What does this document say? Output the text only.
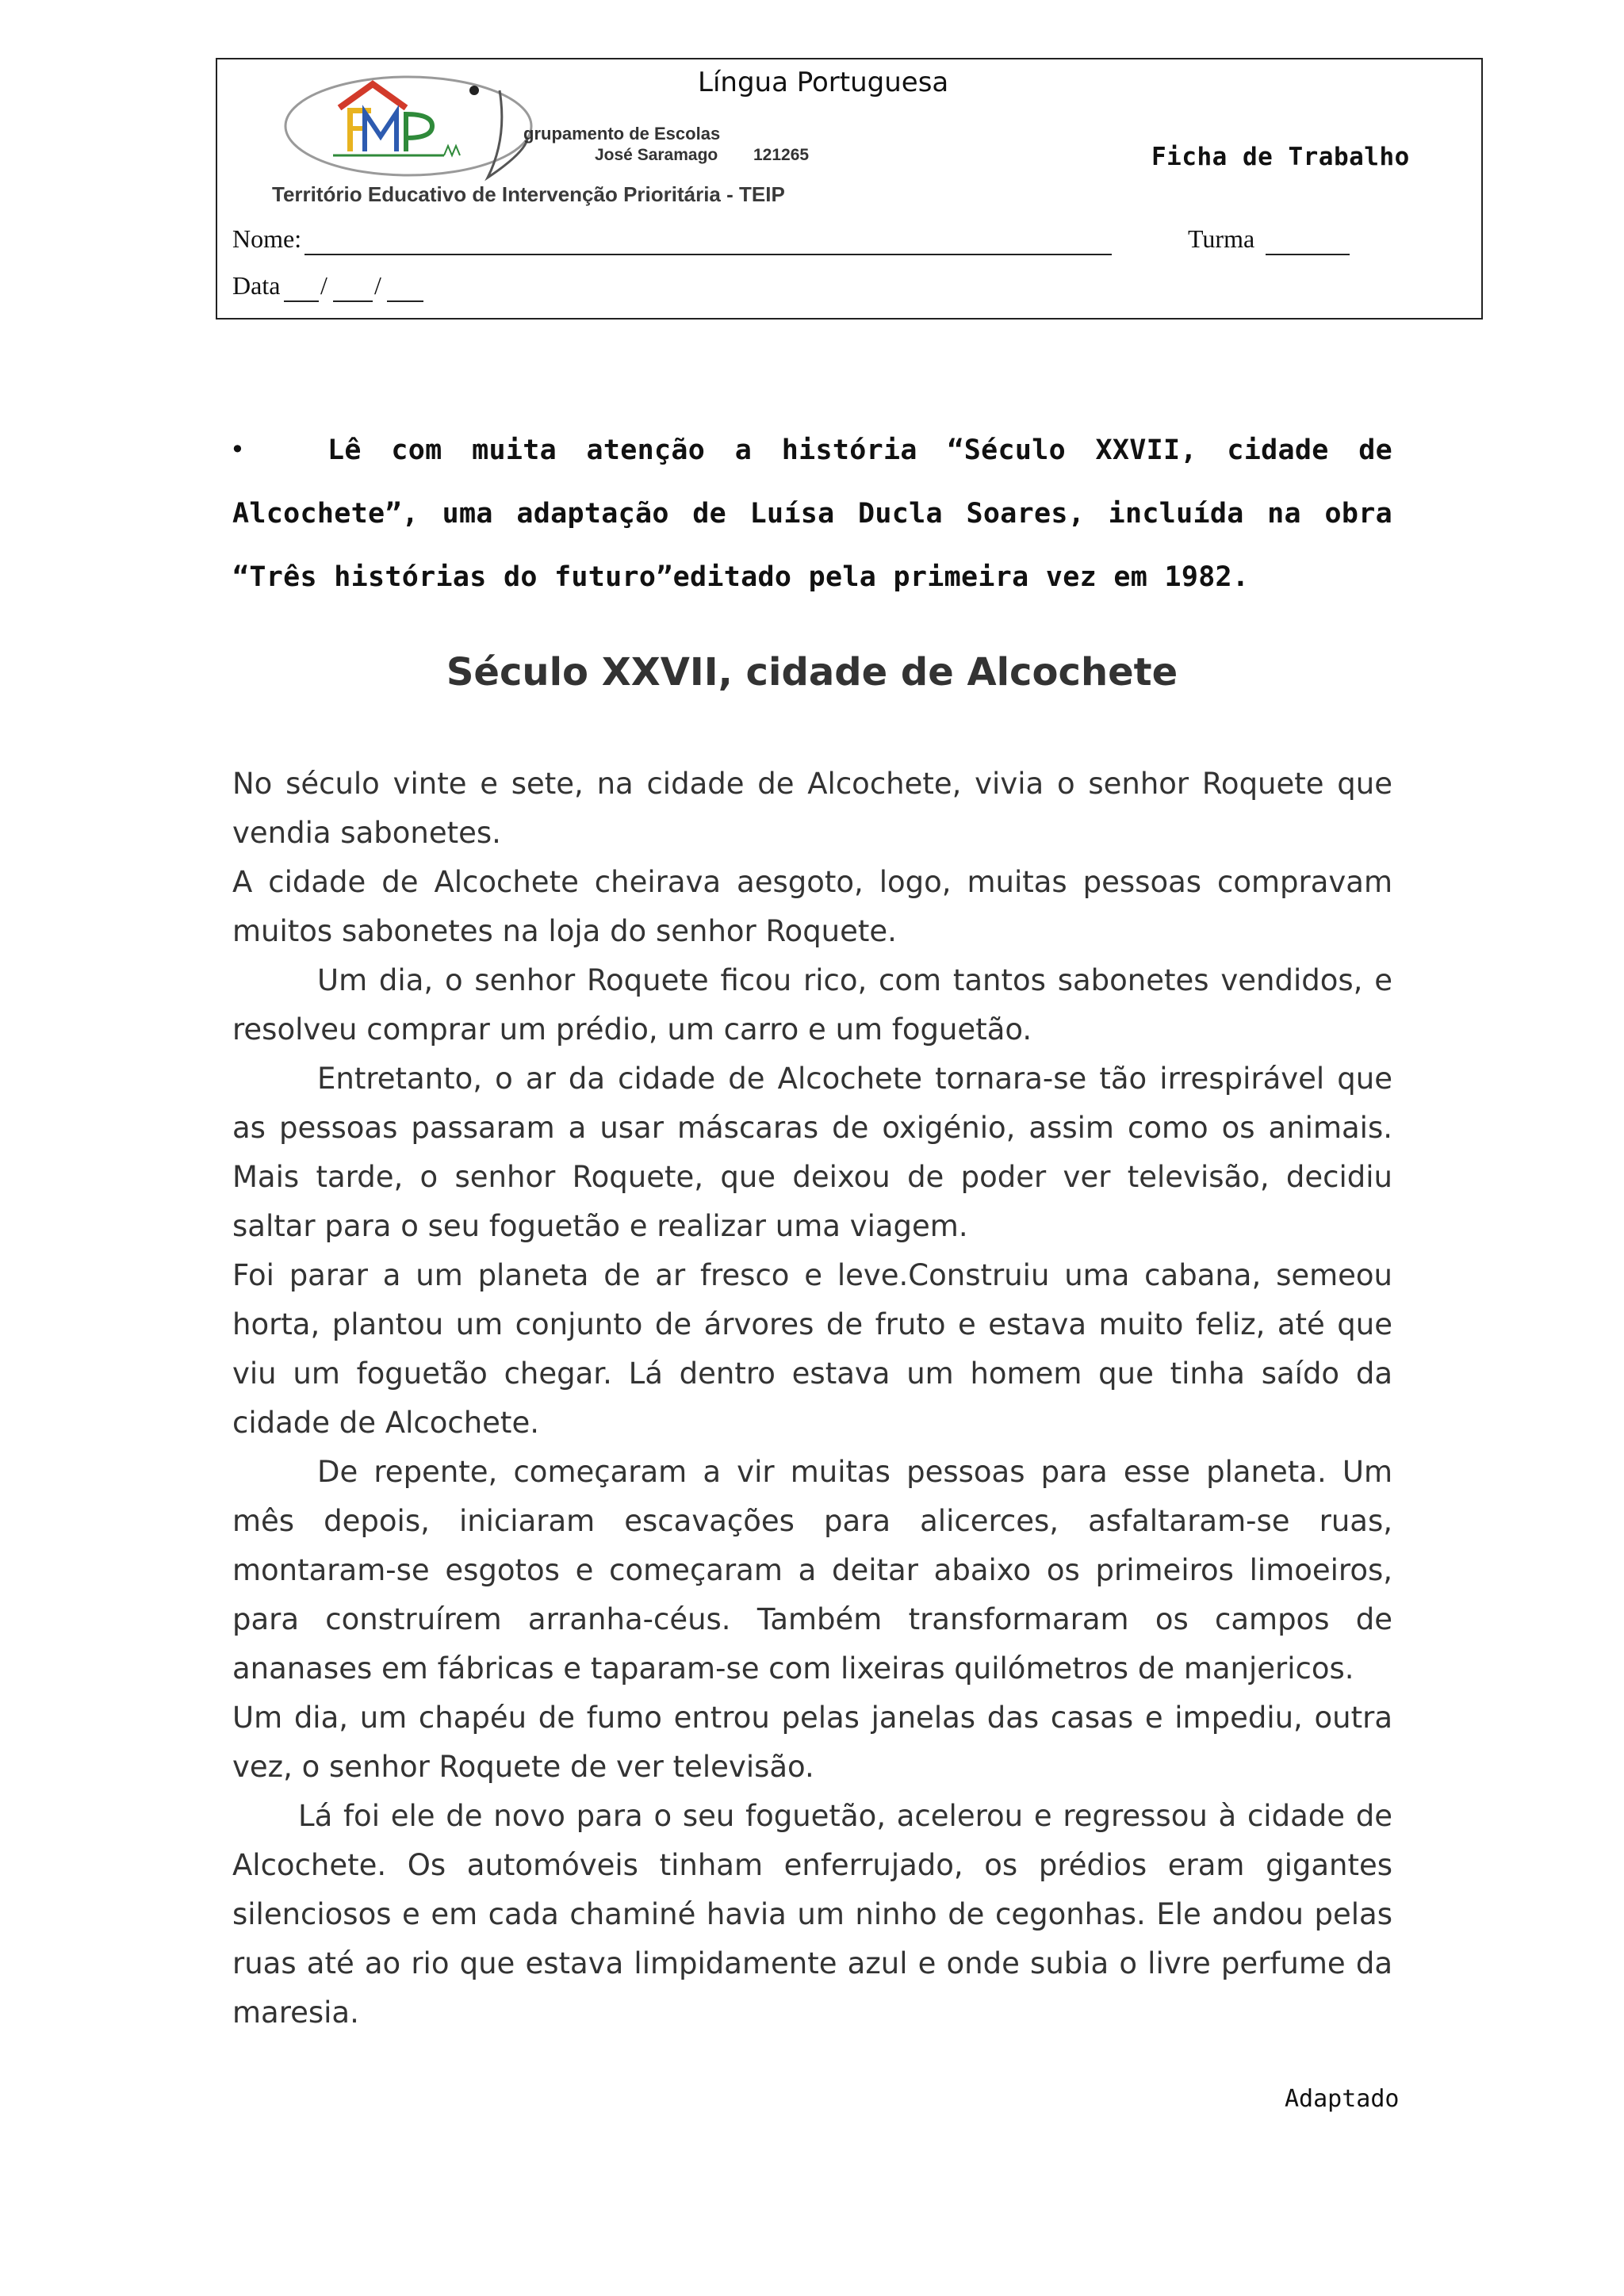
Língua Portuguesa
grupamento de Escolas
José Saramago 121265	Ficha de Trabalho
Território Educativo de Intervenção Prioritária - TEIP
Nome:	Turma
Data / /
•	Lê com muita atenção a história “Século XXVII, cidade de Alcochete”, uma adaptação de Luísa Ducla Soares, incluída na obra “Três histórias do futuro”editado pela primeira vez em 1982.
Século XXVII, cidade de Alcochete

No século vinte e sete, na cidade de Alcochete, vivia o senhor Roquete que vendia sabonetes.

A cidade de Alcochete cheirava aesgoto, logo, muitas pessoas compravam muitos sabonetes na loja do senhor Roquete.

Um dia, o senhor Roquete ficou rico, com tantos sabonetes vendidos, e resolveu comprar um prédio, um carro e um foguetão.

Entretanto, o ar da cidade de Alcochete tornara-se tão irrespirável que as pessoas passaram a usar máscaras de oxigénio, assim como os animais. Mais tarde, o senhor Roquete, que deixou de poder ver televisão, decidiu saltar para o seu foguetão e realizar uma viagem.

Foi parar a um planeta de ar fresco e leve.Construiu uma cabana, semeou horta, plantou um conjunto de árvores de fruto e estava muito feliz, até que viu um foguetão chegar. Lá dentro estava um homem que tinha saído da cidade de Alcochete.

De repente, começaram a vir muitas pessoas para esse planeta. Um mês depois, iniciaram escavações para alicerces, asfaltaram-se ruas, montaram-se esgotos e começaram a deitar abaixo os primeiros limoeiros, para construírem arranha-céus. Também transformaram os campos de ananases em fábricas e taparam-se com lixeiras quilómetros de manjericos.

Um dia, um chapéu de fumo entrou pelas janelas das casas e impediu, outra vez, o senhor Roquete de ver televisão.

Lá foi ele de novo para o seu foguetão, acelerou e regressou à cidade de Alcochete. Os automóveis tinham enferrujado, os prédios eram gigantes silenciosos e em cada chaminé havia um ninho de cegonhas. Ele andou pelas ruas até ao rio que estava limpidamente azul e onde subia o livre perfume da maresia.

Adaptado
